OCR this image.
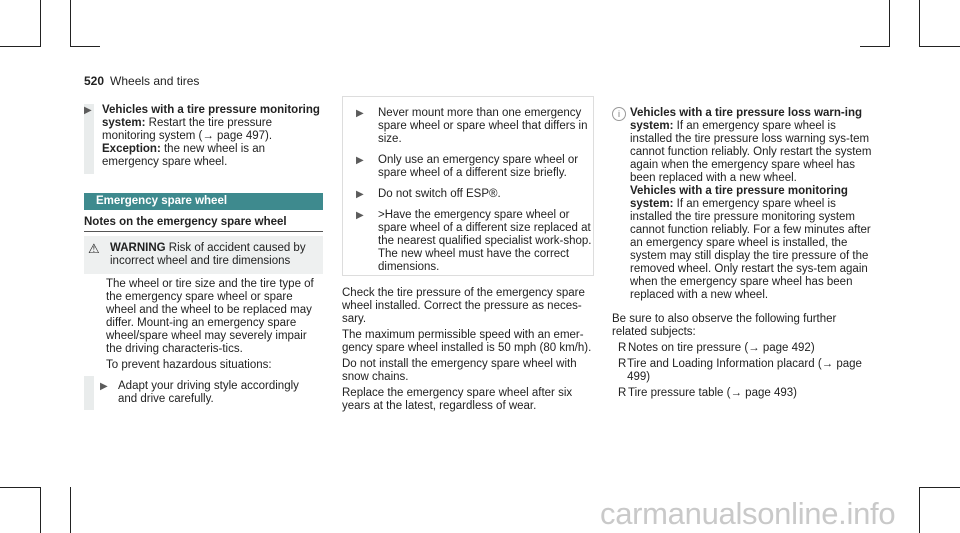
520 Wheels and tires
▶ Vehicles with a tire pressure monitoring system: Restart the tire pressure monitoring system (→ page 497).
Exception: the new wheel is an emergency spare wheel.
Emergency spare wheel
Notes on the emergency spare wheel
⚠ WARNING Risk of accident caused by incorrect wheel and tire dimensions

The wheel or tire size and the tire type of the emergency spare wheel or spare wheel and the wheel to be replaced may differ. Mount-ing an emergency spare wheel/spare wheel may severely impair the driving characteris-tics.

To prevent hazardous situations:

▶ Adapt your driving style accordingly and drive carefully.
▶	Never mount more than one emergency spare wheel or spare wheel that differs in size.
▶	Only use an emergency spare wheel or spare wheel of a different size briefly.
▶	Do not switch off ESP®.
▶	>Have the emergency spare wheel or spare wheel of a different size replaced at the nearest qualified specialist work-shop. The new wheel must have the correct dimensions.

Check the tire pressure of the emergency spare wheel installed. Correct the pressure as neces-sary.

The maximum permissible speed with an emer-gency spare wheel installed is 50 mph (80 km/h).

Do not install the emergency spare wheel with snow chains.

Replace the emergency spare wheel after six years at the latest, regardless of wear.

i Vehicles with a tire pressure loss warn-ing system: If an emergency spare wheel is installed the tire pressure loss warning sys-tem cannot function reliably. Only restart the system again when the emergency spare wheel has been replaced with a new wheel.
Vehicles with a tire pressure monitoring system: If an emergency spare wheel is installed the tire pressure monitoring system cannot function reliably. For a few minutes after an emergency spare wheel is installed, the system may still display the tire pressure of the removed wheel. Only restart the sys-tem again when the emergency spare wheel has been replaced with a new wheel.

Be sure to also observe the following further related subjects:

R Notes on tire pressure (→ page 492)
R Tire and Loading Information placard (→ page 499)
R Tire pressure table (→ page 493)
carmanualsonline.info
